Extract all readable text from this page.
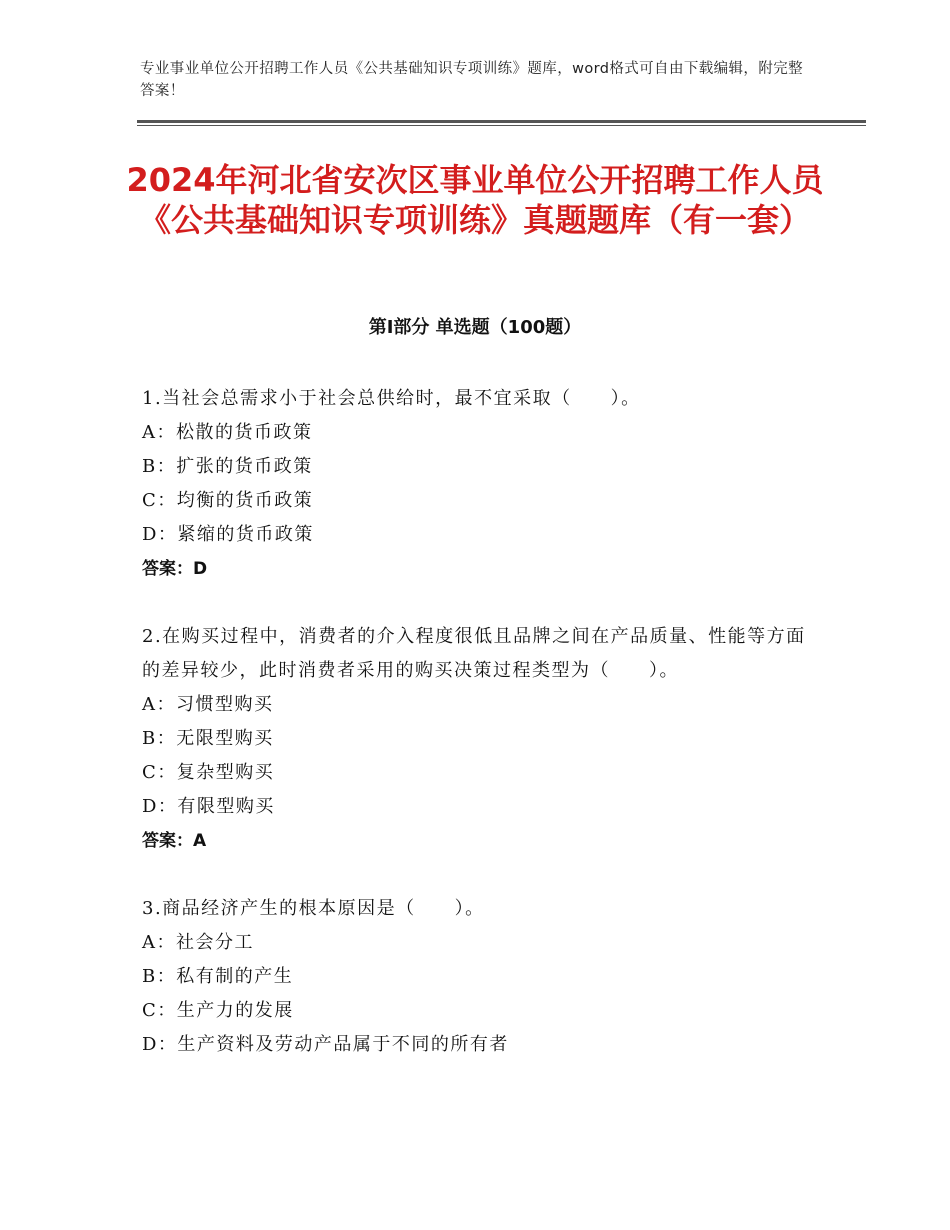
专业事业单位公开招聘工作人员《公共基础知识专项训练》题库，word格式可自由下载编辑，附完整答案！
2024年河北省安次区事业单位公开招聘工作人员《公共基础知识专项训练》真题题库（有一套）
第Ⅰ部分 单选题（100题）

1.当社会总需求小于社会总供给时，最不宜采取（　　）。

A：松散的货币政策

B：扩张的货币政策

C：均衡的货币政策

D：紧缩的货币政策

答案：D

2.在购买过程中，消费者的介入程度很低且品牌之间在产品质量、性能等方面的差异较少，此时消费者采用的购买决策过程类型为（　　）。

A：习惯型购买

B：无限型购买

C：复杂型购买

D：有限型购买

答案：A

3.商品经济产生的根本原因是（　　）。

A：社会分工

B：私有制的产生

C：生产力的发展

D：生产资料及劳动产品属于不同的所有者
